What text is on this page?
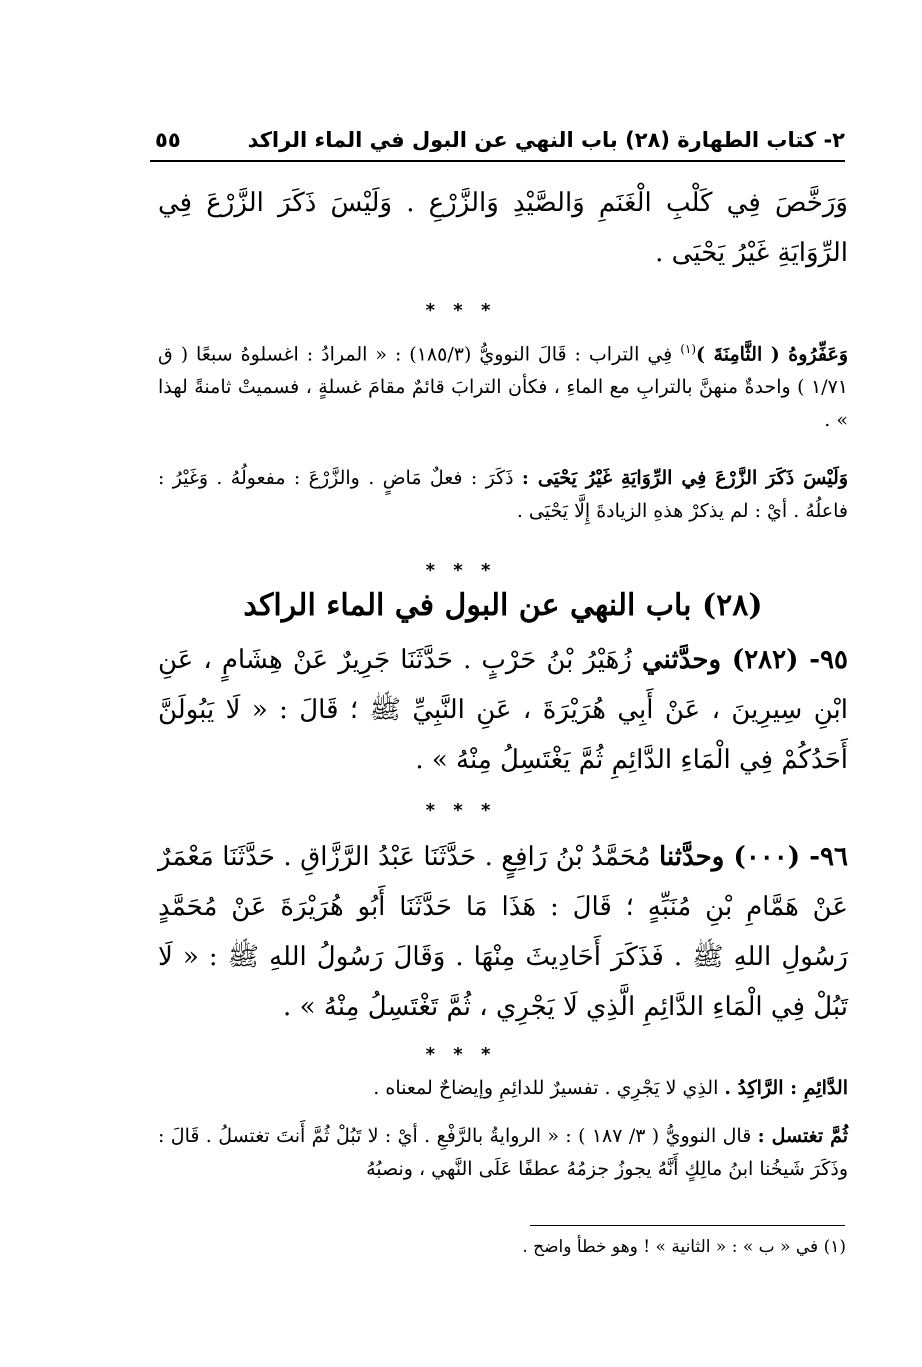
٢- كتاب الطهارة (٢٨) باب النهي عن البول في الماء الراكد
٥٥
وَرَخَّصَ فِي كَلْبِ الْغَنَمِ وَالصَّيْدِ وَالزَّرْعِ . وَلَيْسَ ذَكَرَ الزَّرْعَ فِي الرِّوَايَةِ غَيْرُ يَحْيَى .
* * *
وَعَفِّرُوهُ ( الثَّامِنَةَ )$^{(١)}$ فِي التراب : قَالَ النوويُّ (١٨٥/٣) : « المرادُ : اغسلوهُ سبعًا ( ق ١/٧١ ) واحدةٌ منهنَّ بالترابِ مع الماءِ ، فكأن الترابَ قائمٌ مقامَ غسلةٍ ، فسميتْ ثامنةً لهذا » .
وَلَيْسَ ذَكَرَ الزَّرْعَ فِي الرِّوَايَةِ غَيْرُ يَحْيَى : ذَكَرَ : فعلٌ مَاضٍ . والزَّرْعَ : مفعولُهُ . وَغَيْرُ : فاعلُهُ . أيْ : لم يذكرْ هذهِ الزيادةَ إِلَّا يَحْيَى .
* * *
(٢٨) باب النهي عن البول في الماء الراكد
٩٥- (٢٨٢) وحدَّثني زُهَيْرُ بْنُ حَرْبٍ . حَدَّثَنَا جَرِيرٌ عَنْ هِشَامٍ ، عَنِ ابْنِ سِيرِينَ ، عَنْ أَبِي هُرَيْرَةَ ، عَنِ النَّبِيِّ ﷺ ؛ قَالَ : « لَا يَبُولَنَّ أَحَدُكُمْ فِي الْمَاءِ الدَّائِمِ ثُمَّ يَغْتَسِلُ مِنْهُ » .
* * *
٩٦- (٠٠٠) وحدَّثنا مُحَمَّدُ بْنُ رَافِعٍ . حَدَّثَنَا عَبْدُ الرَّزَّاقِ . حَدَّثَنَا مَعْمَرٌ عَنْ هَمَّامِ بْنِ مُنَبِّهٍ ؛ قَالَ : هَذَا مَا حَدَّثَنَا أَبُو هُرَيْرَةَ عَنْ مُحَمَّدٍ رَسُولِ اللهِ ﷺ . فَذَكَرَ أَحَادِيثَ مِنْهَا . وَقَالَ رَسُولُ اللهِ ﷺ : « لَا تَبُلْ فِي الْمَاءِ الدَّائِمِ الَّذِي لَا يَجْرِي ، ثُمَّ تَغْتَسِلُ مِنْهُ » .
* * *
الدَّائِمِ : الرَّاكِدُ . الذِي لا يَجْرِي . تفسيرٌ للدائِمِ وإيضاحٌ لمعناه .
ثُمَّ تغتسل : قال النوويُّ ( ٣/ ١٨٧ ) : « الروايةُ بالرَّفْعِ . أيْ : لا تَبُلْ ثُمَّ أَنتَ تغتسلُ . قَالَ : وذَكَرَ شَيخُنا ابنُ مالِكٍ أَنَّهُ يجوزُ جزمُهُ عطفًا عَلَى النَّهي ، ونصبُهُ
(١) في « ب » : « الثانية » ! وهو خطأ واضح .
